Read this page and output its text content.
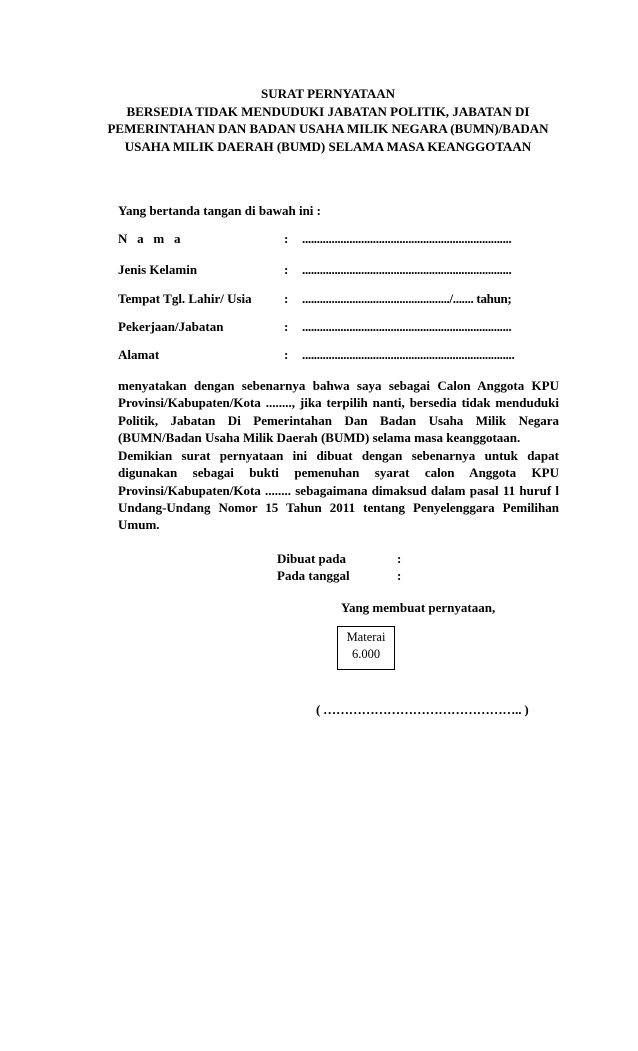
SURAT PERNYATAAN
BERSEDIA TIDAK MENDUDUKI JABATAN POLITIK, JABATAN DI
PEMERINTAHAN DAN BADAN USAHA MILIK NEGARA (BUMN)/BADAN
USAHA MILIK DAERAH (BUMD) SELAMA MASA KEANGGOTAAN
Yang bertanda tangan di bawah ini :
N   a   m   a	: .......................................................................
Jenis Kelamin	: .......................................................................
Tempat Tgl. Lahir/ Usia : ................................................../....... tahun;
Pekerjaan/Jabatan	: .......................................................................
Alamat	: ........................................................................
menyatakan dengan sebenarnya bahwa saya sebagai Calon Anggota KPU Provinsi/Kabupaten/Kota ........, jika terpilih nanti, bersedia tidak menduduki Politik, Jabatan Di Pemerintahan Dan Badan Usaha Milik Negara (BUMN/Badan Usaha Milik Daerah (BUMD) selama masa keanggotaan.
Demikian surat pernyataan ini dibuat dengan sebenarnya untuk dapat digunakan sebagai bukti pemenuhan syarat calon Anggota KPU Provinsi/Kabupaten/Kota ........ sebagaimana dimaksud dalam pasal 11 huruf l Undang-Undang Nomor 15 Tahun 2011 tentang Penyelenggara Pemilihan Umum.
Dibuat pada	:
Pada tanggal	:
Yang membuat pernyataan,
Materai
6.000
( ……………………………………….. )
